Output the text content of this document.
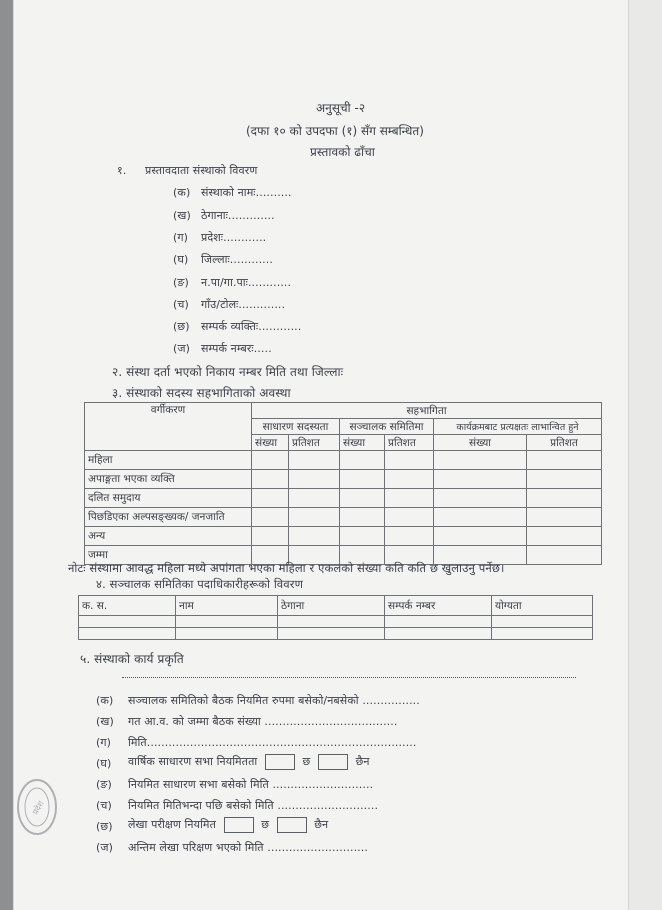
अनुसूची -२
(दफा १० को उपदफा (१) सँग सम्बन्धित)
प्रस्तावको ढाँचा
१. प्रस्तावदाता संस्थाको विवरण
(क) संस्थाको नामः..........
(ख) ठेगानाः.............
(ग) प्रदेशः............
(घ) जिल्लाः............
(ङ) न.पा/गा.पाः............
(च) गाँउ/टोलः.............
(छ) सम्पर्क व्यक्तिः............
(ज) सम्पर्क नम्बरः.....
२. संस्था दर्ता भएको निकाय नम्बर मिति तथा जिल्लाः
३. संस्थाको सदस्य सहभागिताको अवस्था
वर्गीकरण	सहभागिता					
	साधारण सदस्यता		सञ्चालक समितिमा		कार्यक्रमबाट प्रत्यक्षतः लाभान्वित हुने	
	संख्या	प्रतिशत	संख्या	प्रतिशत	संख्या	प्रतिशत
महिला						
अपाङ्गता भएका व्यक्ति						
दलित समुदाय						
पिछडिएका अल्पसङ्ख्यक/ जनजाति						
अन्य						
जम्मा						
नोटः संस्थामा आवद्ध महिला मध्ये अपांगता भएका महिला र एकलको संख्या कति कति छ खुलाउनु पर्नेछ।
४. सञ्चालक समितिका पदाधिकारीहरूको विवरण
क. स.	नाम	ठेगाना	सम्पर्क नम्बर	योग्यता

५. संस्थाको कार्य प्रकृति
(क) सञ्चालक समितिको बैठक नियमित रुपमा बसेको/नबसेको ................
(ख) गत आ.व. को जम्मा बैठक संख्या .....................................
(ग) मिति...........................................................................
(घ) वार्षिक साधारण सभा नियमितता	छ	छैन
(ङ) नियमित साधारण सभा बसेको मिति ............................
(च) नियमित मितिभन्दा पछि बसेको मिति ............................
(छ) लेखा परीक्षण नियमित	छ	छैन
(ज) अन्तिम लेखा परिक्षण भएको मिति ............................
प्रदेश
